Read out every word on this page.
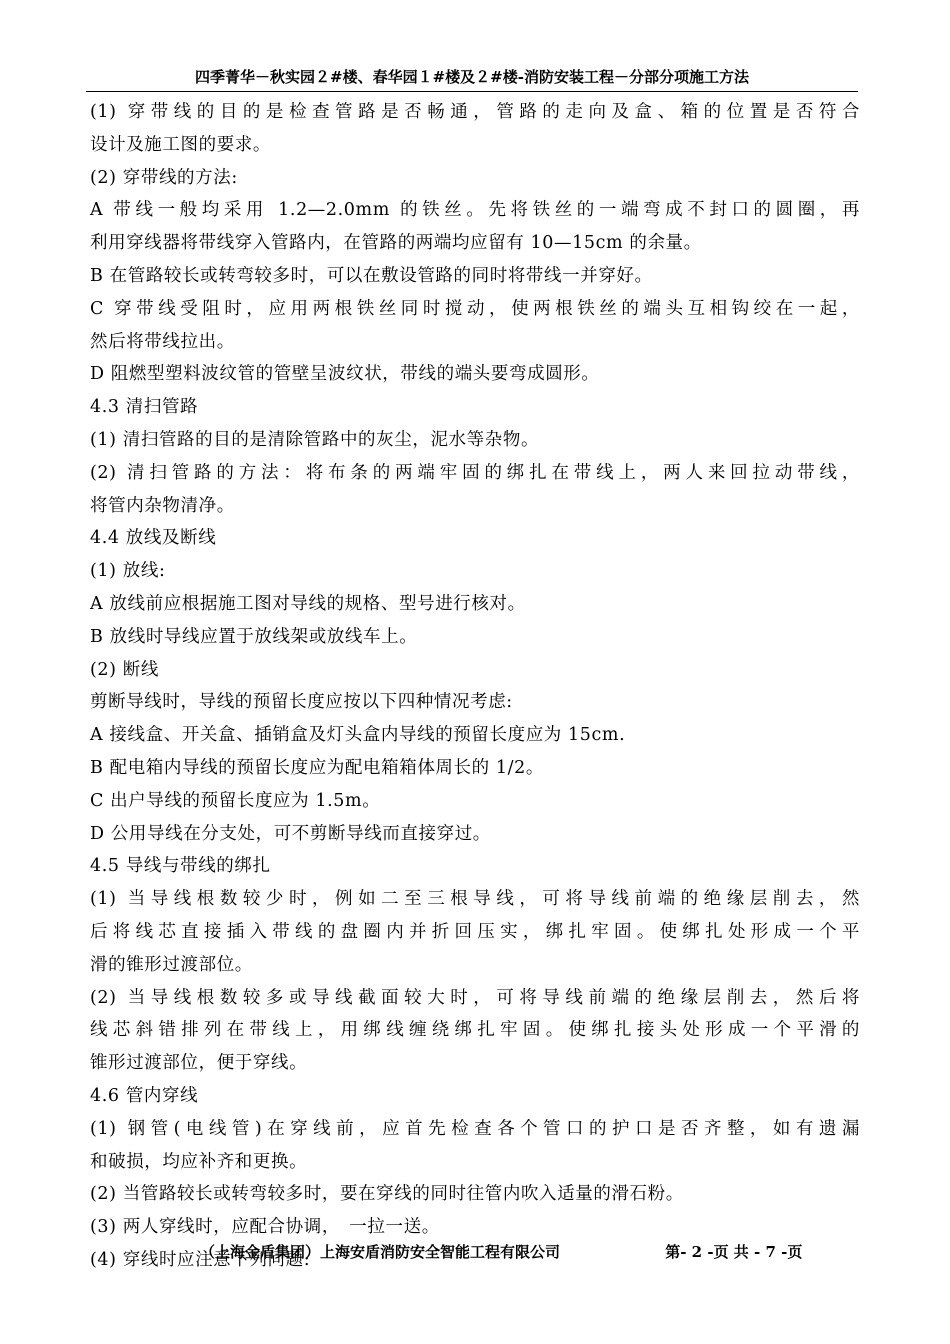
四季菁华－秋实园２#楼、春华园１#楼及２#楼-消防安装工程－分部分项施工方法
(1) 穿带线的目的是检查管路是否畅通，管路的走向及盒、箱的位置是否符合
设计及施工图的要求。
(2) 穿带线的方法:
A 带线一般均采用 1.2—2.0mm 的铁丝。先将铁丝的一端弯成不封口的圆圈，再
利用穿线器将带线穿入管路内，在管路的两端均应留有 10—15cm 的余量。
B 在管路较长或转弯较多时，可以在敷设管路的同时将带线一并穿好。
C 穿带线受阻时，应用两根铁丝同时搅动，使两根铁丝的端头互相钩绞在一起，
然后将带线拉出。
D 阻燃型塑料波纹管的管壁呈波纹状，带线的端头要弯成圆形。
4.3 清扫管路
(1) 清扫管路的目的是清除管路中的灰尘，泥水等杂物。
(2) 清扫管路的方法：将布条的两端牢固的绑扎在带线上，两人来回拉动带线，
将管内杂物清净。
4.4 放线及断线
(1) 放线:
A 放线前应根据施工图对导线的规格、型号进行核对。
B 放线时导线应置于放线架或放线车上。
(2) 断线
剪断导线时，导线的预留长度应按以下四种情况考虑:
A 接线盒、开关盒、插销盒及灯头盒内导线的预留长度应为 15cm.
B 配电箱内导线的预留长度应为配电箱箱体周长的 1/2。
C 出户导线的预留长度应为 1.5m。
D 公用导线在分支处，可不剪断导线而直接穿过。
4.5 导线与带线的绑扎
(1) 当导线根数较少时，例如二至三根导线，可将导线前端的绝缘层削去，然
后将线芯直接插入带线的盘圈内并折回压实，绑扎牢固。使绑扎处形成一个平
滑的锥形过渡部位。
(2) 当导线根数较多或导线截面较大时，可将导线前端的绝缘层削去，然后将
线芯斜错排列在带线上，用绑线缠绕绑扎牢固。使绑扎接头处形成一个平滑的
锥形过渡部位，便于穿线。
4.6 管内穿线
(1) 钢管(电线管)在穿线前，应首先检查各个管口的护口是否齐整，如有遗漏
和破损，均应补齐和更换。
(2) 当管路较长或转弯较多时，要在穿线的同时往管内吹入适量的滑石粉。
(3) 两人穿线时，应配合协调，　一拉一送。
(4) 穿线时应注意下列问题:
（上海金盾集团）上海安盾消防安全智能工程有限公司	第- 2 -页 共 - 7 -页
